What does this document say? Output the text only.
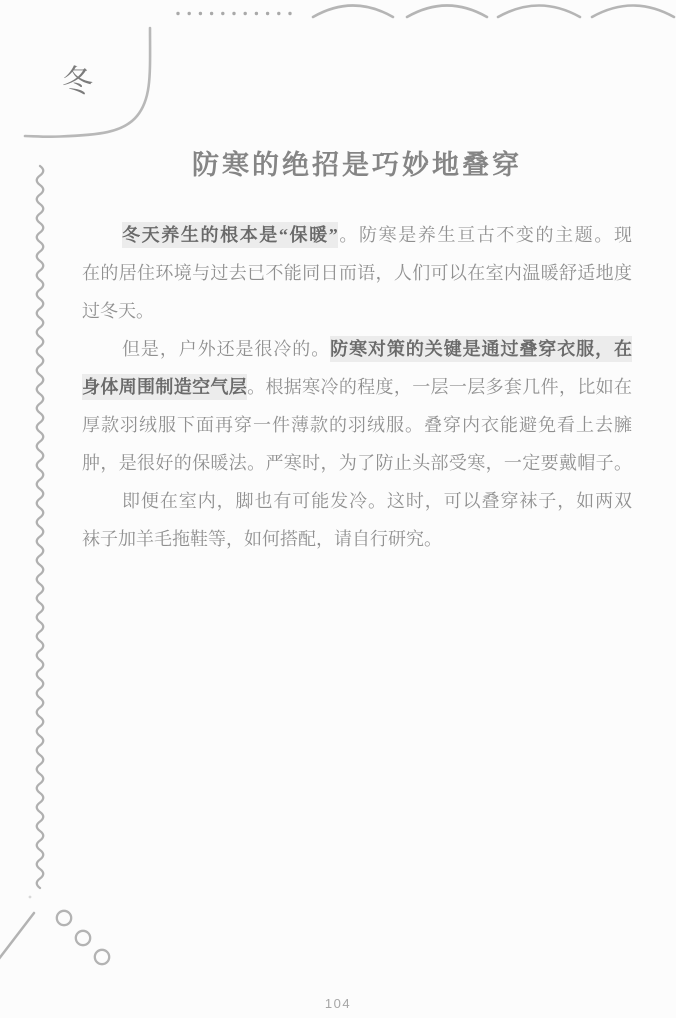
冬
防寒的绝招是巧妙地叠穿
冬天养生的根本是“保暖”。防寒是养生亘古不变的主题。现
在的居住环境与过去已不能同日而语，人们可以在室内温暖舒适地度
过冬天。
但是，户外还是很冷的。防寒对策的关键是通过叠穿衣服，在
身体周围制造空气层。根据寒冷的程度，一层一层多套几件，比如在
厚款羽绒服下面再穿一件薄款的羽绒服。叠穿内衣能避免看上去臃
肿，是很好的保暖法。严寒时，为了防止头部受寒，一定要戴帽子。
即便在室内，脚也有可能发冷。这时，可以叠穿袜子，如两双
袜子加羊毛拖鞋等，如何搭配，请自行研究。
104
